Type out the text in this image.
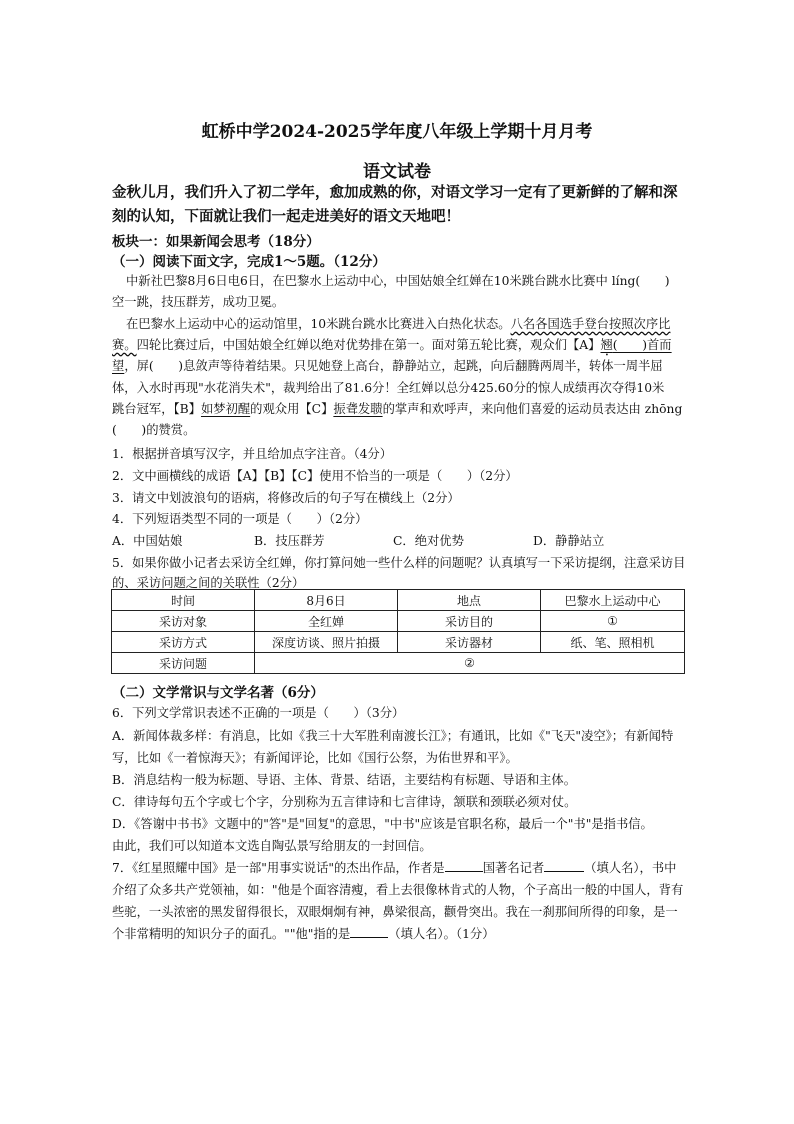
虹桥中学2024-2025学年度八年级上学期十月月考
语文试卷
金秋儿月，我们升入了初二学年，愈加成熟的你，对语文学习一定有了更新鲜的了解和深刻的认知，下面就让我们一起走进美好的语文天地吧！
板块一：如果新闻会思考（18分）
（一）阅读下面文字，完成1～5题。（12分）
中新社巴黎8月6日电6日，在巴黎水上运动中心，中国姑娘全红婵在10米跳台跳水比赛中 líng(　　)
空一跳，技压群芳，成功卫冕。
在巴黎水上运动中心的运动馆里，10米跳台跳水比赛进入白热化状态。八名各国选手登台按照次序比
赛。四轮比赛过后，中国姑娘全红婵以绝对优势排在第一。面对第五轮比赛，观众们【A】翘(　　)首而
望，屏(　　)息敛声等待着结果。只见她登上高台，静静站立，起跳，向后翻腾两周半，转体一周半屈
体，入水时再现"水花消失术"，裁判给出了81.6分！全红婵以总分425.60分的惊人成绩再次夺得10米
跳台冠军，【B】如梦初醒的观众用【C】振聋发聩的掌声和欢呼声，来向他们喜爱的运动员表达由 zhōng
(　　)的赞赏。
1．根据拼音填写汉字，并且给加点字注音。（4分）
2．文中画横线的成语【A】【B】【C】使用不恰当的一项是（　　）（2分）
3．请文中划波浪句的语病，将修改后的句子写在横线上（2分）
4．下列短语类型不同的一项是（　　）（2分）
A．中国姑娘	B．技压群芳	C．绝对优势	D．静静站立
5．如果你做小记者去采访全红婵，你打算问她一些什么样的问题呢？认真填写一下采访提纲，注意采访目
的、采访问题之间的关联性（2分）
时间	8月6日	地点	巴黎水上运动中心
采访对象	全红婵	采访目的	①
采访方式	深度访谈、照片拍摄	采访器材	纸、笔、照相机
采访问题	②		
（二）文学常识与文学名著（6分）
6．下列文学常识表述不正确的一项是（　　）（3分）
A．新闻体裁多样：有消息，比如《我三十大军胜利南渡长江》；有通讯，比如《"飞天"凌空》；有新闻特
写，比如《一着惊海天》；有新闻评论，比如《国行公祭，为佑世界和平》。
B．消息结构一般为标题、导语、主体、背景、结语，主要结构有标题、导语和主体。
C．律诗每句五个字或七个字，分别称为五言律诗和七言律诗，颔联和颈联必须对仗。
D．《答谢中书书》文题中的"答"是"回复"的意思，"中书"应该是官职名称，最后一个"书"是指书信。
由此，我们可以知道本文选自陶弘景写给朋友的一封回信。
7．《红星照耀中国》是一部"用事实说话"的杰出作品，作者是	国著名记者	（填人名），书中
介绍了众多共产党领袖，如："他是个面容清瘦，看上去很像林肯式的人物，个子高出一般的中国人，背有
些驼，一头浓密的黑发留得很长，双眼炯炯有神，鼻梁很高，颧骨突出。我在一刹那间所得的印象，是一
个非常精明的知识分子的面孔。""他"指的是	（填人名）。（1分）
